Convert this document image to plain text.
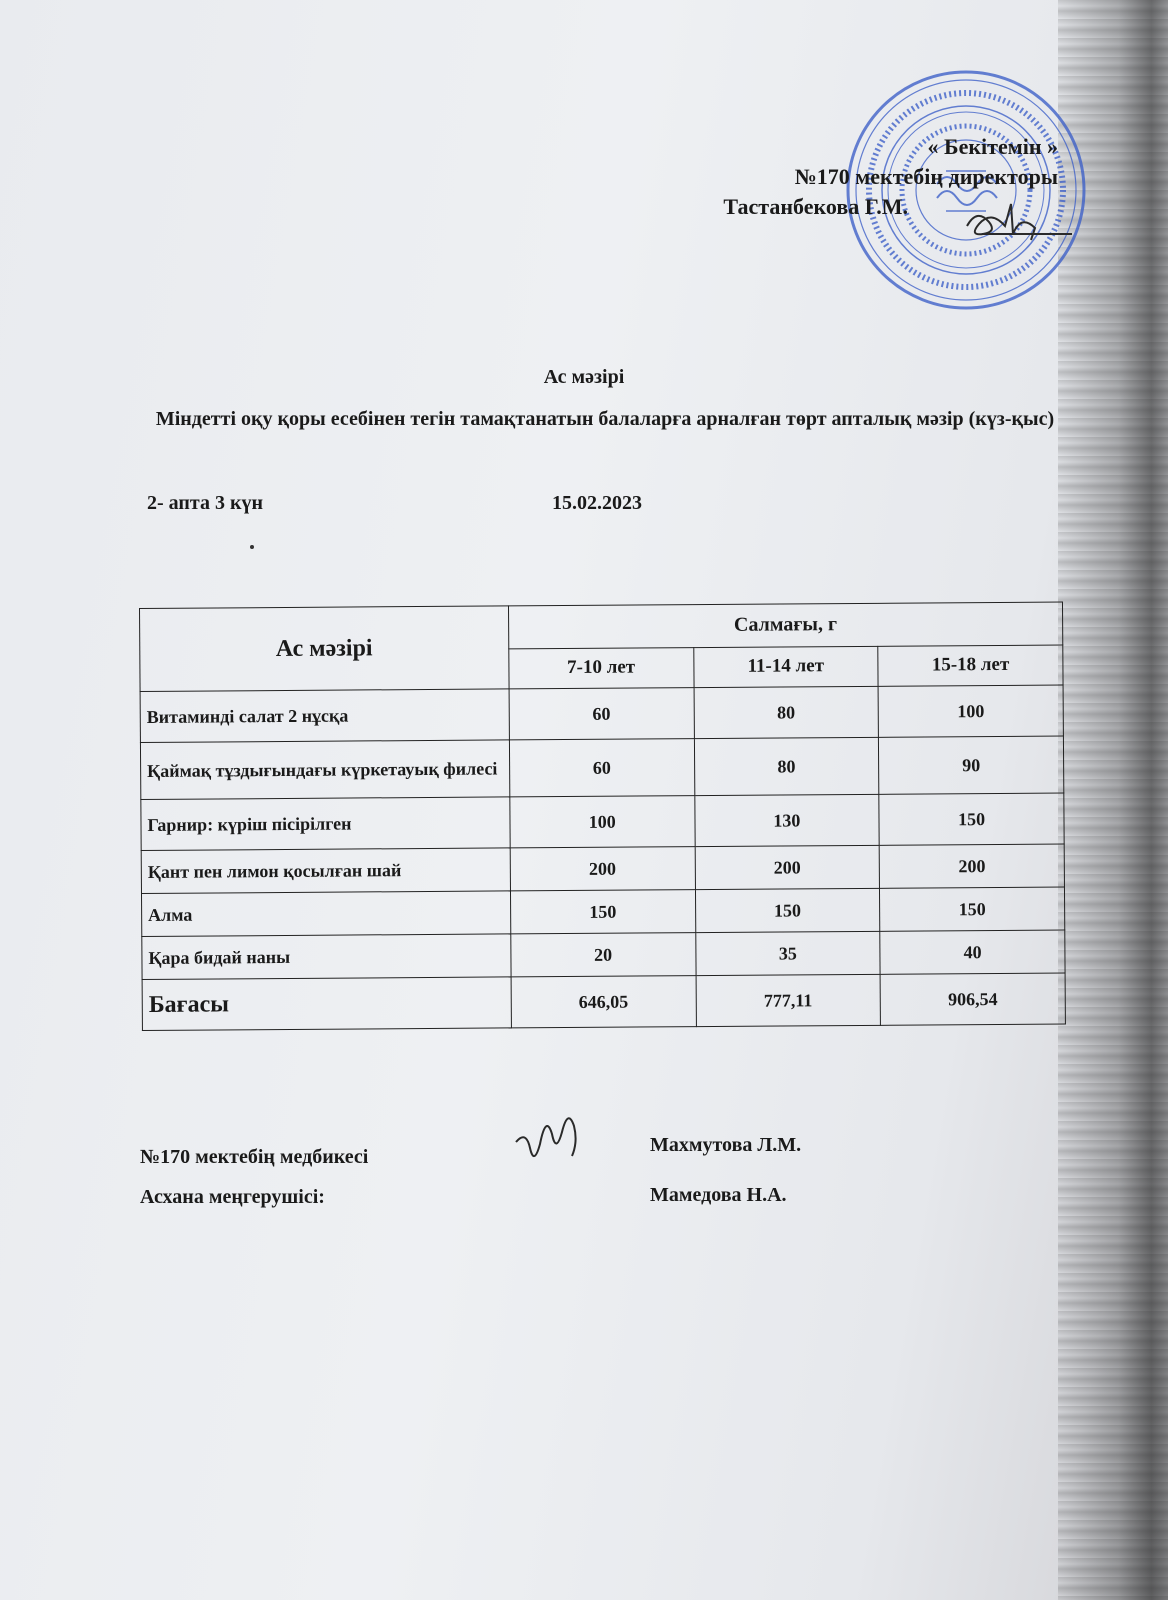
« Бекітемін »
№170 мектебің директоры
Тастанбекова Г.М.
Ас мәзірі
Міндетті оқу қоры есебінен тегін тамақтанатын балаларға арналған төрт апталық мәзір (күз-қыс)
2- апта 3 күн	15.02.2023
Ас мәзірі	Салмағы, г		
	7-10 лет	11-14 лет	15-18 лет
Витаминді салат 2 нұсқа	60	80	100
Қаймақ тұздығындағы күркетауық филесі	60	80	90
Гарнир: күріш пісірілген	100	130	150
Қант пен лимон қосылған шай	200	200	200
Алма	150	150	150
Қара бидай наны	20	35	40
Бағасы	646,05	777,11	906,54
№170 мектебің медбикесі
Махмутова Л.М.
Асхана меңгерушісі:	Мамедова Н.А.
